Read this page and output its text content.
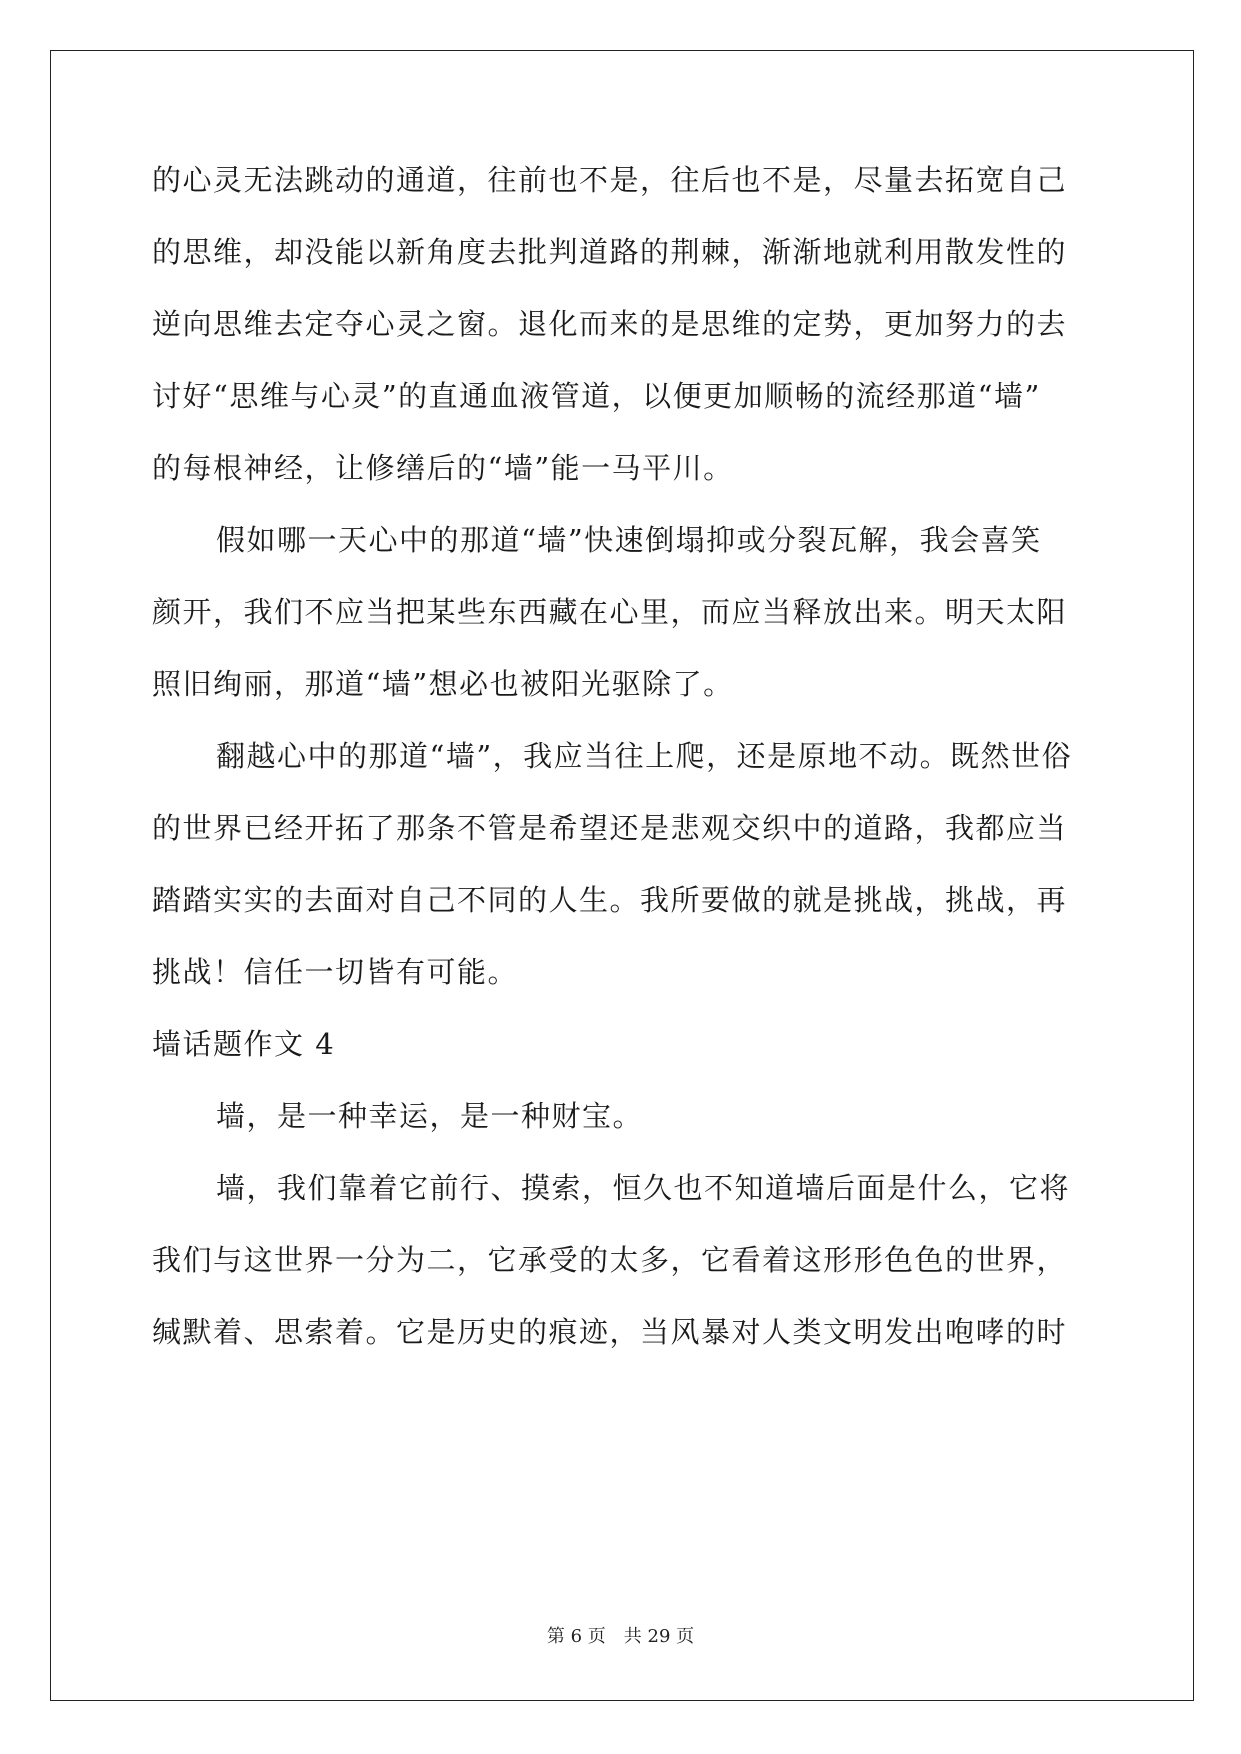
的心灵无法跳动的通道，往前也不是，往后也不是，尽量去拓宽自己
的思维，却没能以新角度去批判道路的荆棘，渐渐地就利用散发性的
逆向思维去定夺心灵之窗。退化而来的是思维的定势，更加努力的去
讨好“思维与心灵”的直通血液管道，以便更加顺畅的流经那道“墙”
的每根神经，让修缮后的“墙”能一马平川。
假如哪一天心中的那道“墙”快速倒塌抑或分裂瓦解，我会喜笑
颜开，我们不应当把某些东西藏在心里，而应当释放出来。明天太阳
照旧绚丽，那道“墙”想必也被阳光驱除了。
翻越心中的那道“墙”，我应当往上爬，还是原地不动。既然世俗
的世界已经开拓了那条不管是希望还是悲观交织中的道路，我都应当
踏踏实实的去面对自己不同的人生。我所要做的就是挑战，挑战，再
挑战！信任一切皆有可能。
墙话题作文 4
墙，是一种幸运，是一种财宝。
墙，我们靠着它前行、摸索，恒久也不知道墙后面是什么，它将
我们与这世界一分为二，它承受的太多，它看着这形形色色的世界，
缄默着、思索着。它是历史的痕迹，当风暴对人类文明发出咆哮的时
第 6 页　共 29 页
